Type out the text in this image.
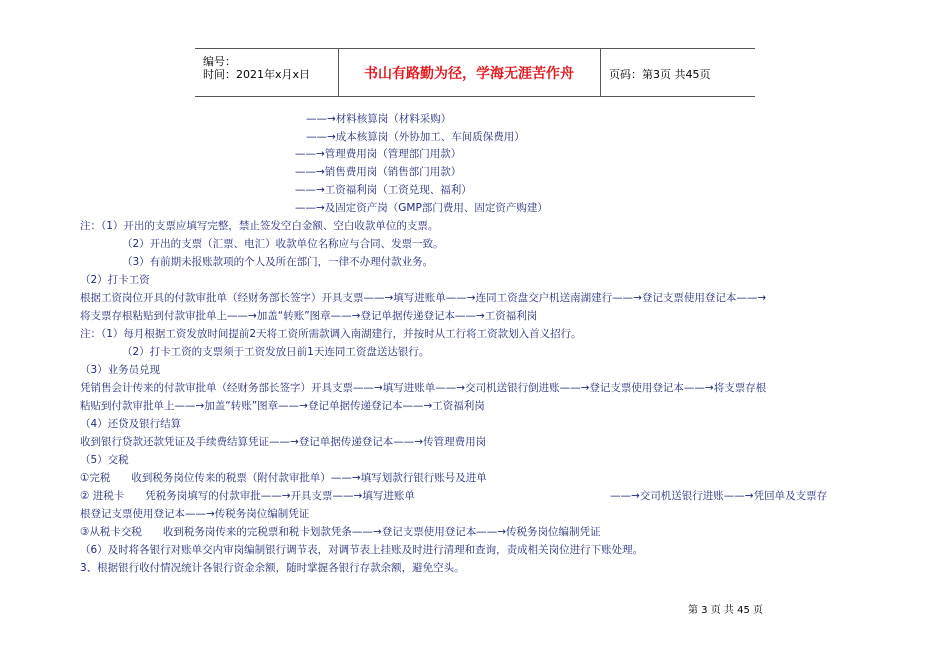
编号：
时间：2021年x月x日	书山有路勤为径，学海无涯苦作舟	页码：第3页 共45页
——→材料核算岗（材料采购）
——→成本核算岗（外协加工、车间质保费用）
——→管理费用岗（管理部门用款）
——→销售费用岗（销售部门用款）
——→工资福利岗（工资兑现、福利）
——→及固定资产岗（GMP部门费用、固定资产购建）
注：（1）开出的支票应填写完整，禁止签发空白金额、空白收款单位的支票。
（2）开出的支票（汇票、电汇）收款单位名称应与合同、发票一致。
（3）有前期未报账款项的个人及所在部门，一律不办理付款业务。
（2）打卡工资
根据工资岗位开具的付款审批单（经财务部长签字）开具支票——→填写进账单——→连同工资盘交户机送南湖建行——→登记支票使用登记本——→
将支票存根粘贴到付款审批单上——→加盖“转账”图章——→登记单据传递登记本——→工资福利岗
注：（1）每月根据工资发放时间提前2天将工资所需款调入南湖建行，并按时从工行将工资款划入首义招行。
（2）打卡工资的支票须于工资发放日前1天连同工资盘送达银行。
（3）业务员兑现
凭销售会计传来的付款审批单（经财务部长签字）开具支票——→填写进账单——→交司机送银行倒进账——→登记支票使用登记本——→将支票存根
粘贴到付款审批单上——→加盖“转账”图章——→登记单据传递登记本——→工资福利岗
（4）还贷及银行结算
收到银行贷款还款凭证及手续费结算凭证——→登记单据传递登记本——→传管理费用岗
（5）交税
①完税　　收到税务岗位传来的税票（附付款审批单）——→填写划款行银行账号及进单
② 进税卡　　凭税务岗填写的付款审批——→开具支票——→填写进账单	——→交司机送银行进账——→凭回单及支票存
根登记支票使用登记本——→传税务岗位编制凭证
③从税卡交税　　收到税务岗传来的完税票和税卡划款凭条——→登记支票使用登记本——→传税务岗位编制凭证
（6）及时将各银行对账单交内审岗编制银行调节表，对调节表上挂账及时进行清理和查询，责成相关岗位进行下账处理。
3、根据银行收付情况统计各银行资金余额，随时掌握各银行存款余额，避免空头。
第 3 页 共 45 页
